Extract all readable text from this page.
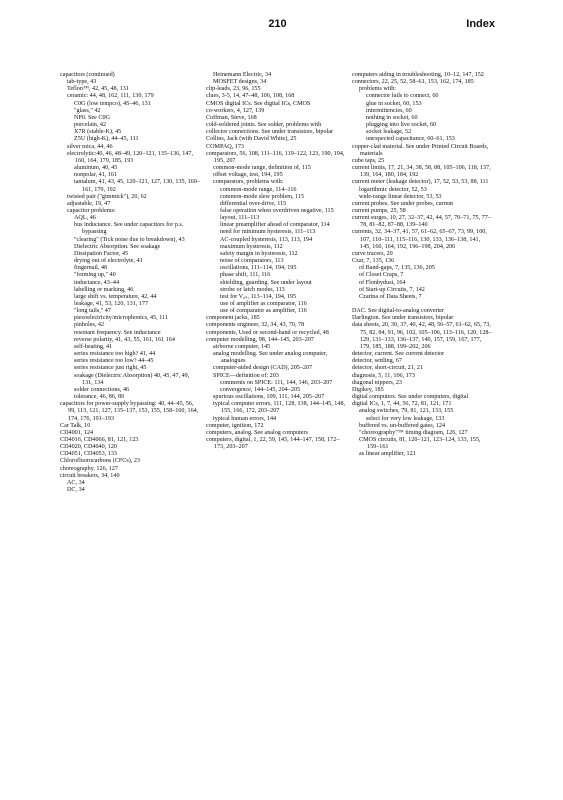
210	Index
capacitors (continued)
tab-type, 43
Teflon™, 42, 45, 48, 131
ceramic: 44, 48, 162, 111, 130, 179
C0G (low tempco), 45–46, 131
"glass," 42
NP0. See C0G
porcelain, 42
X7R (stable-K), 45
Z5U (high-K), 44–45, 111
silver mica, 44, 46
electrolytic:40, 46, 48–49, 120–121, 135–136, 147, 160, 164, 179, 185, 193
aluminum, 40, 45
nonpolar, 41, 161
tantalum, 41, 43, 45, 120–121, 127, 130, 135, 160–161, 179, 192
twisted pair ("gimmick"), 20, 62
adjustable, 19, 47
capacitor problems:
AQL, 46
bus inductance. See under capacitors for p.s. bypassing
"clearing" (Tick noise due to breakdown), 43
Dielectric Absorption. See soakage
Dissipation Factor, 45
drying out of electrolyte, 41
fingernail, 48
"forming up," 40
inductance, 43–44
labelling or marking, 46
large shift vs. temperature, 42, 44
leakage, 41, 53, 120, 131, 177
"long tails," 47
piezoelectricity/microphonics, 45, 111
pinholes, 42
resonant frequency. See inductance
reverse polarity, 41, 43, 55, 161, 161 164
self-heating, 41
series resistance too high? 41, 44
series resistance too low? 44–45
series resistance just right, 45
soakage (Dielectric Absorption) 40, 45, 47, 49, 131, 134
solder connections, 46
tolerance, 46, 86, 89
capacitors for power-supply bypassing: 40, 44–45, 56, 99, 113, 121, 127, 135–137, 153, 155, 158–160, 164, 174, 176, 191–193
Car Talk, 10
CD4001, 124
CD4016, CD4066, 81, 121, 123
CD4020, CD4040, 120
CD4051, CD4053, 133
Chlorofluorocarbons (CFCs), 23
choreography, 126, 127
circuit breakers, 34, 140
AC, 34
DC, 34
Heinemann Electric, 34
MOSFET designs, 34
clip-leads, 23, 96, 155
clues, 3-5, 14, 47–48, 106, 108, 168
CMOS digital ICs. See digital ICs, CMOS
co-workers, 4, 127, 139
Coffman, Steve, 168
cold-soldered joints. See solder, problems with
collector connections. See under transistors, bipolar
Collins, Jack (with David White), 25
COMPAQ, 173
comparators, 56, 108, 111–116, 119–122, 123, 190, 194, 195, 207
common-mode range, definition of, 115
offset voltage, test, 194, 195
comparators, problems with:
common-mode range, 114–116
common-mode slew problem, 115
differential over-drive, 115
false operation when overdriven negative, 115
layout, 111–113
linear preamplifier ahead of comparator, 114
need for minimum hysteresis, 111–113
AC-coupled hysteresis, 113, 113, 194
maximum hysteresis, 112
safety margin in hysteresis, 112
noise of comparators, 113
oscillations, 111–114, 194, 195
phase shift, 111, 116
shielding, guarding. See under layout
strobe or latch modes, 113
test for V₀ₛ, 113–114, 194, 195
use of amplifier as comparator, 116
use of comparator as amplifier, 116
component jacks, 185
components engineer, 32, 34, 43, 70, 78
components, Used or second-hand or recycled, 48
computer modelling, 98, 144–145, 203–207
airborne computer, 145
analog modelling. See under analog computer, analogues
computer-aided design (CAD), 205–207
SPICE—definition of: 203
comments on SPICE: 111, 144, 146, 203–207
convergence, 144–145, 204–205
spurious oscillations, 109, 111, 144, 205–207
typical computer errors, 111, 128, 138, 144–145, 148, 155, 166, 172, 203–207
typical human errors, 144
computer, ignition, 172
computers, analog. See analog computers
computers, digital, 1, 22, 59, 145, 144–147, 158, 172–173, 203–207
computers aiding in troubleshooting, 10–12, 147, 152
connectors, 22, 25, 52, 58–61, 153, 162, 174, 185
problems with:
connector fails to connect, 60
glue in socket, 60, 153
intermittencies, 60
nothing in socket, 60
plugging into live socket, 60
socket leakage, 52
unexpected capacitance, 60–61, 153
copper-clad material. See under Printed Circuit Boards, materials
cube taps, 25
current limits, 17, 21, 34, 38, 58, 88, 105–106, 118, 137, 139, 164, 180, 184, 192
current meter (leakage detector), 17, 52, 53, 53, 88, 111
logarithmic detector, 52, 53
wide-range linear detector, 53, 53
current probes. See under probes, current
current pumps, 25, 58
current surges, 10, 27, 32–37, 42, 44, 57, 70–71, 75, 77–78, 81–82, 87–88, 139–140
currents, 32, 34–37, 41, 57, 61–62, 65–67, 73, 99, 100, 107, 110–111, 115–116, 130, 133, 136–138, 141, 145, 160, 164, 192, 196–198, 204, 206
curve tracers, 20
Czar, 7, 135, 136
of Band-gaps, 7, 135, 136, 205
of Closet Craps, 7
of Flonbydust, 164
of Start-up Circuits, 7, 142
Czarina of Data Sheets, 7

DAC. See digital-to-analog converter
Darlington. See under transistors, bipolar
data sheets, 20, 30, 37, 40, 42, 48, 56–57, 61–62, 65, 73, 75, 82, 84, 91, 96, 102, 105–106, 113–116, 120, 128–129, 131–133, 136–137, 140, 157, 159, 167, 177, 179, 185, 188, 199–202, 206
detector, current. See current detector
detector, settling, 67
detector, short-circuit, 21, 21
diagnosis, 5, 11, 106, 173
diagonal nippers, 23
Digikey, 185
digital computers. See under computers, digital
digital ICs, 1, 7, 44, 56, 72, 81, 121, 171
analog switches, 79, 81, 121, 133, 155
select for very low leakage, 133
buffered vs. un-buffered gates, 124
"choreography"™ timing diagram, 126, 127
CMOS circuits, 81, 120–121, 123–124, 133, 155, 159–161
as linear amplifier, 121
